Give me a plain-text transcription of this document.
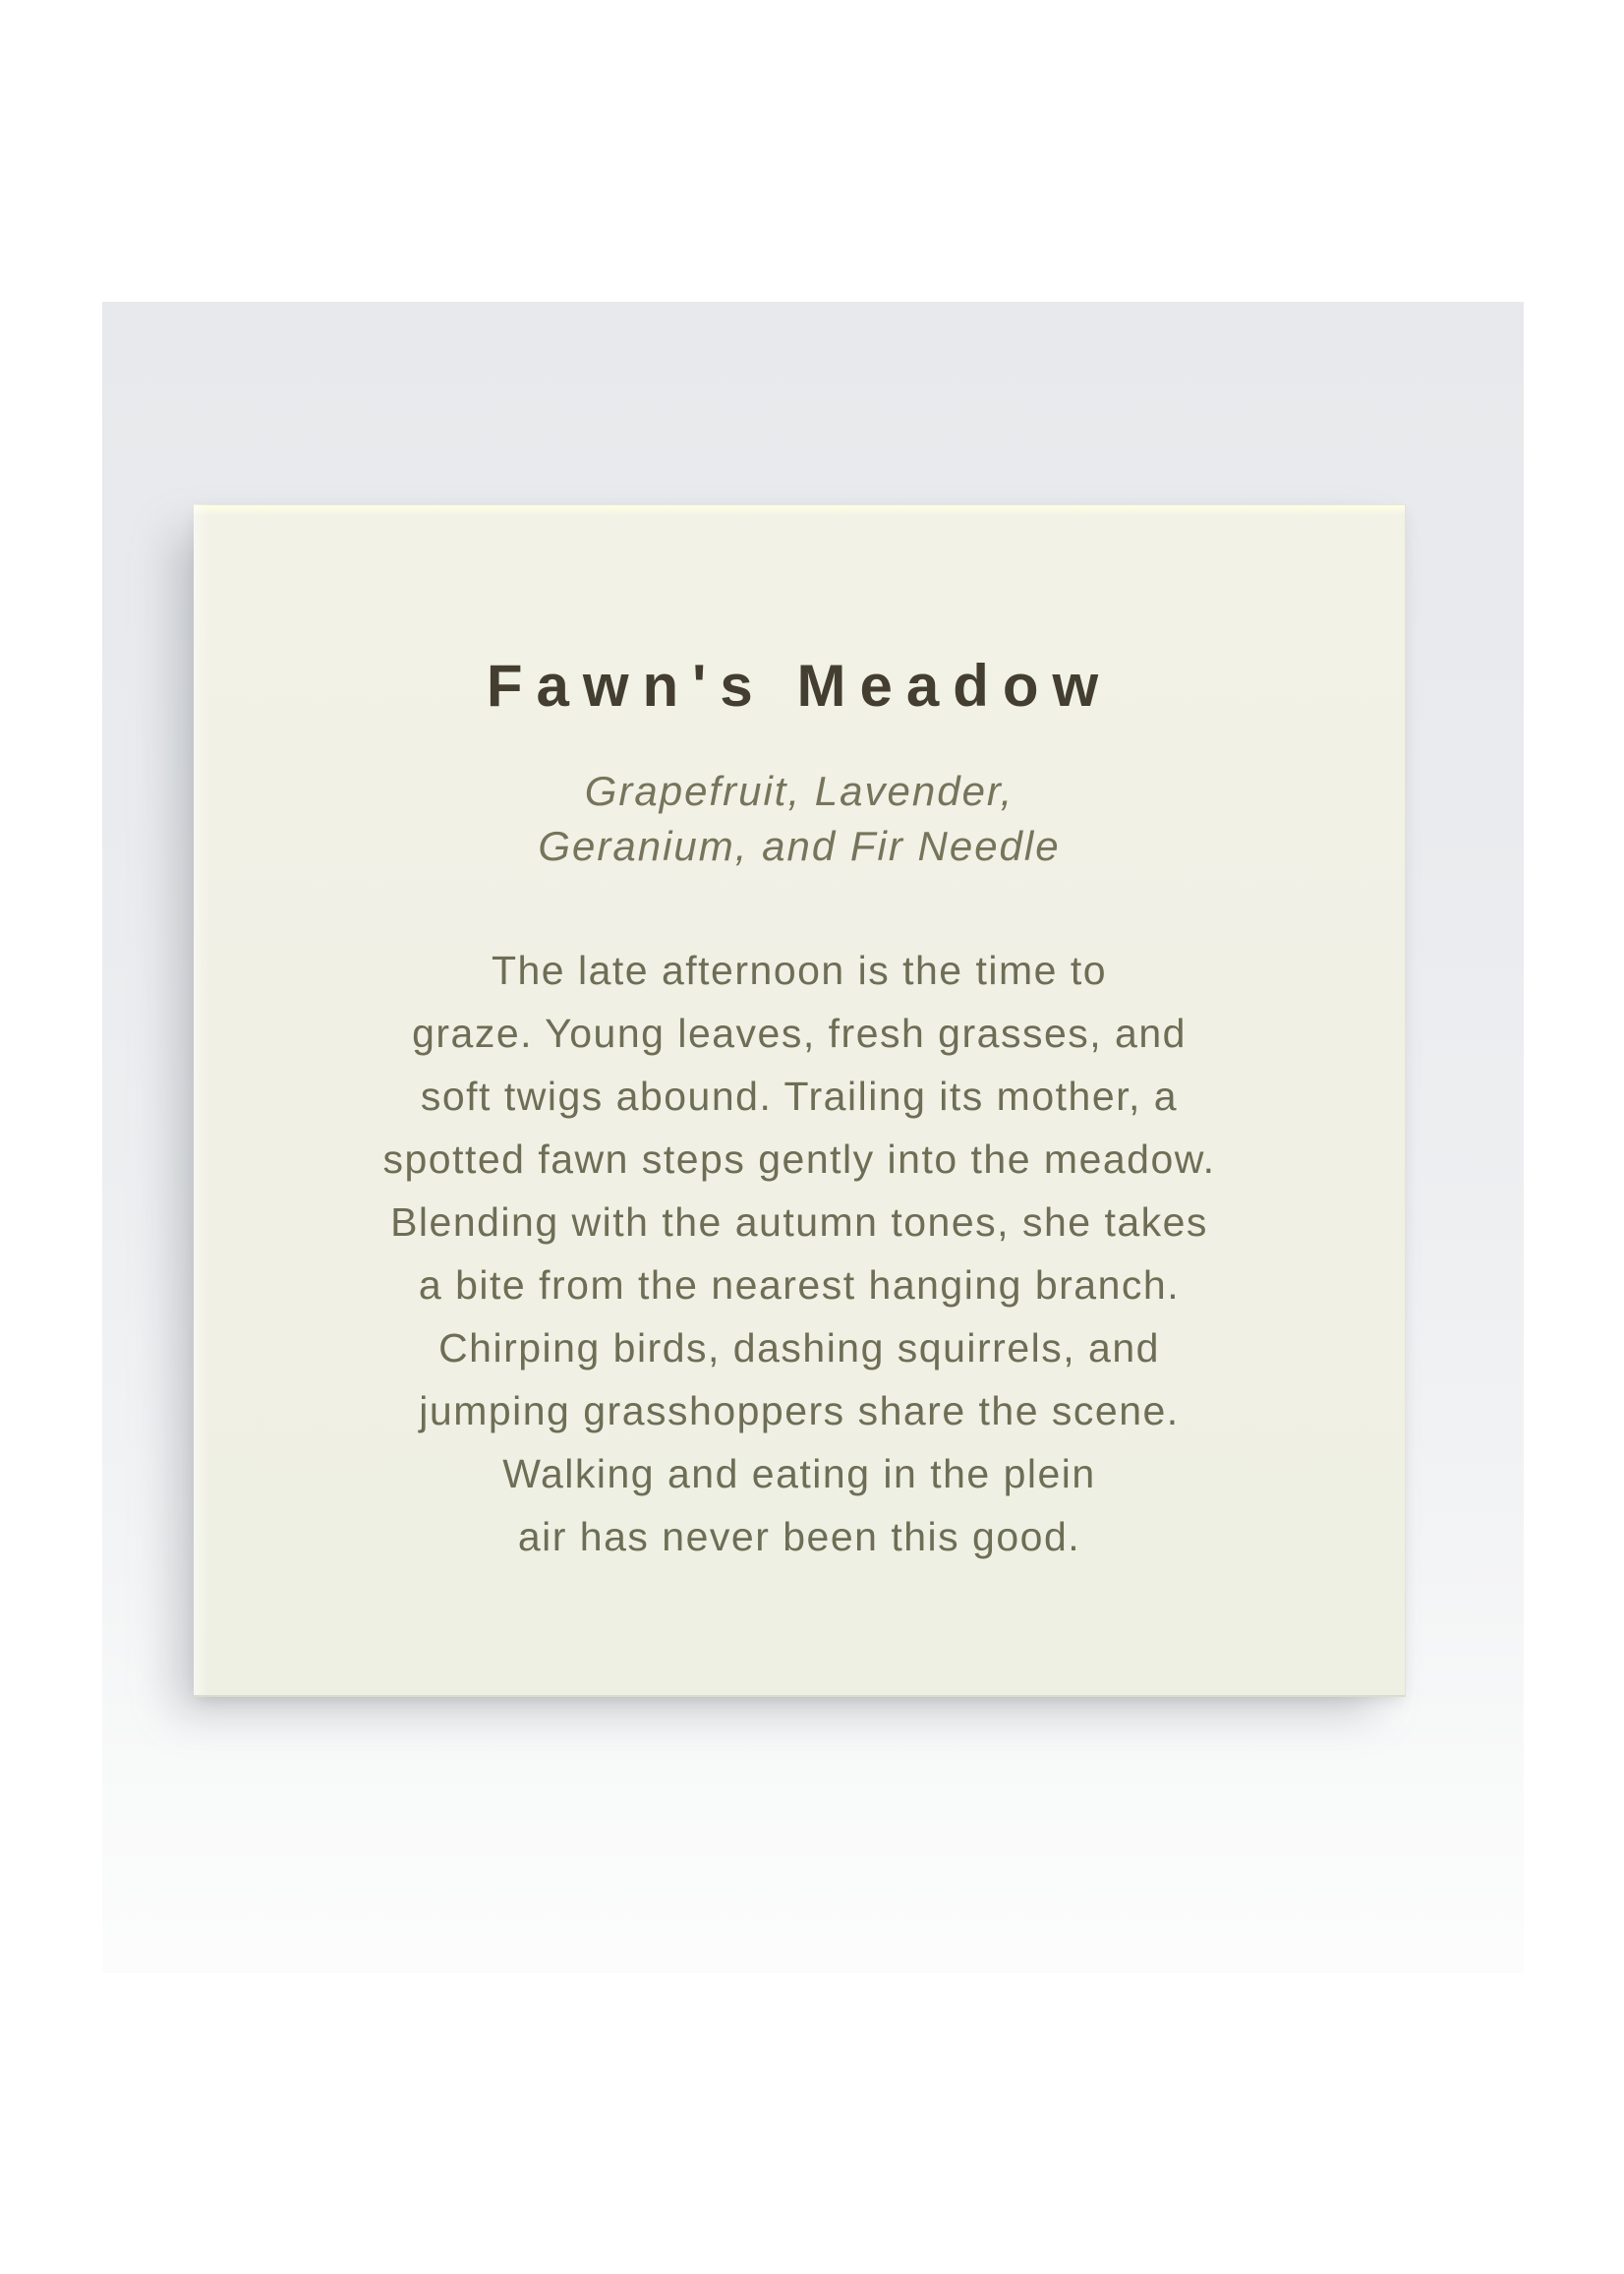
Fawn's Meadow
Grapefruit, Lavender,
Geranium, and Fir Needle
The late afternoon is the time to
graze. Young leaves, fresh grasses, and
soft twigs abound. Trailing its mother, a
spotted fawn steps gently into the meadow.
Blending with the autumn tones, she takes
a bite from the nearest hanging branch.
Chirping birds, dashing squirrels, and
jumping grasshoppers share the scene.
Walking and eating in the plein
air has never been this good.
